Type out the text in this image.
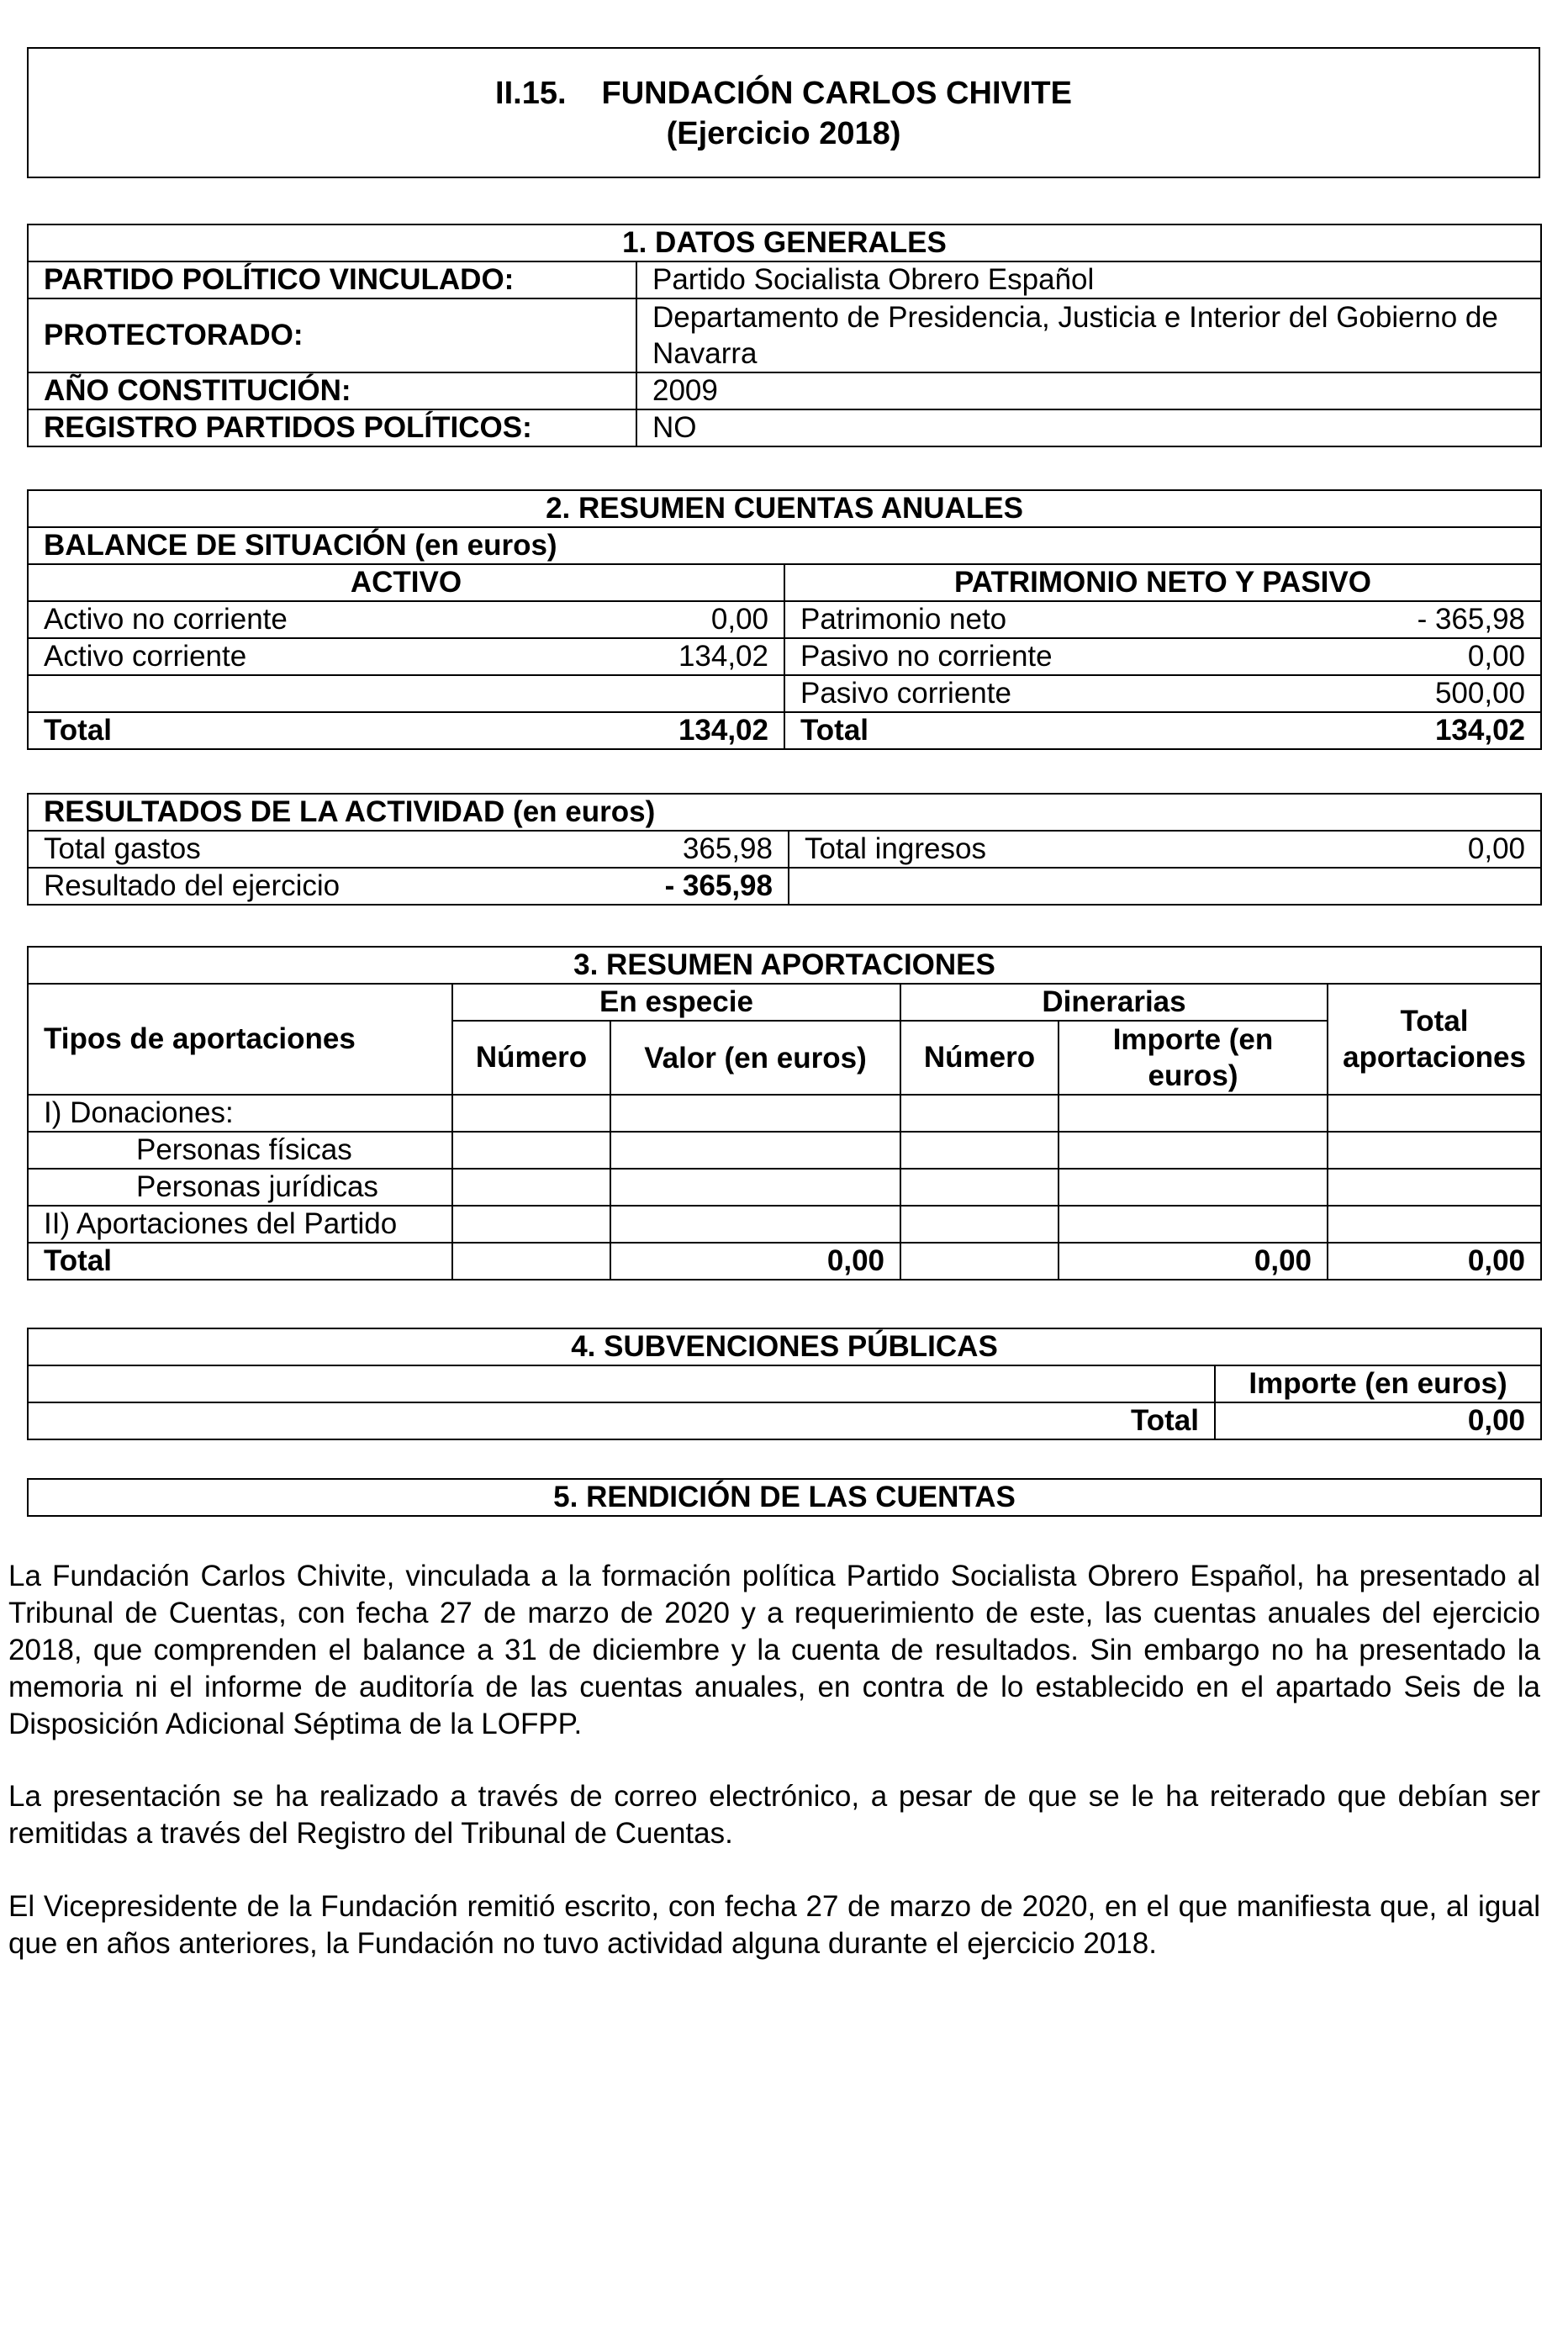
II.15. FUNDACIÓN CARLOS CHIVITE
(Ejercicio 2018)
1. DATOS GENERALES	
PARTIDO POLÍTICO VINCULADO:	Partido Socialista Obrero Español
PROTECTORADO:	Departamento de Presidencia, Justicia e Interior del Gobierno de Navarra
AÑO CONSTITUCIÓN:	2009
REGISTRO PARTIDOS POLÍTICOS:	NO
2. RESUMEN CUENTAS ANUALES			
BALANCE DE SITUACIÓN (en euros)			
ACTIVO		PATRIMONIO NETO Y PASIVO	
Activo no corriente	0,00	Patrimonio neto	- 365,98
Activo corriente	134,02	Pasivo no corriente	0,00
		Pasivo corriente	500,00
Total	134,02	Total	134,02
RESULTADOS DE LA ACTIVIDAD (en euros)			
Total gastos	365,98	Total ingresos	0,00
Resultado del ejercicio	- 365,98		
3. RESUMEN APORTACIONES					
Tipos de aportaciones	En especie		Dinerarias		Total aportaciones
	Número	Valor (en euros)	Número	Importe (en euros)	
I) Donaciones:					
Personas físicas					
Personas jurídicas					
II) Aportaciones del Partido					
Total		0,00		0,00	0,00
4. SUBVENCIONES PÚBLICAS	
	Importe (en euros)
Total	0,00
5. RENDICIÓN DE LAS CUENTAS
La Fundación Carlos Chivite, vinculada a la formación política Partido Socialista Obrero Español, ha presentado al Tribunal de Cuentas, con fecha 27 de marzo de 2020 y a requerimiento de este, las cuentas anuales del ejercicio 2018, que comprenden el balance a 31 de diciembre y la cuenta de resultados. Sin embargo no ha presentado la memoria ni el informe de auditoría de las cuentas anuales, en contra de lo establecido en el apartado Seis de la Disposición Adicional Séptima de la LOFPP.
La presentación se ha realizado a través de correo electrónico, a pesar de que se le ha reiterado que debían ser remitidas a través del Registro del Tribunal de Cuentas.
El Vicepresidente de la Fundación remitió escrito, con fecha 27 de marzo de 2020, en el que manifiesta que, al igual que en años anteriores, la Fundación no tuvo actividad alguna durante el ejercicio 2018.
